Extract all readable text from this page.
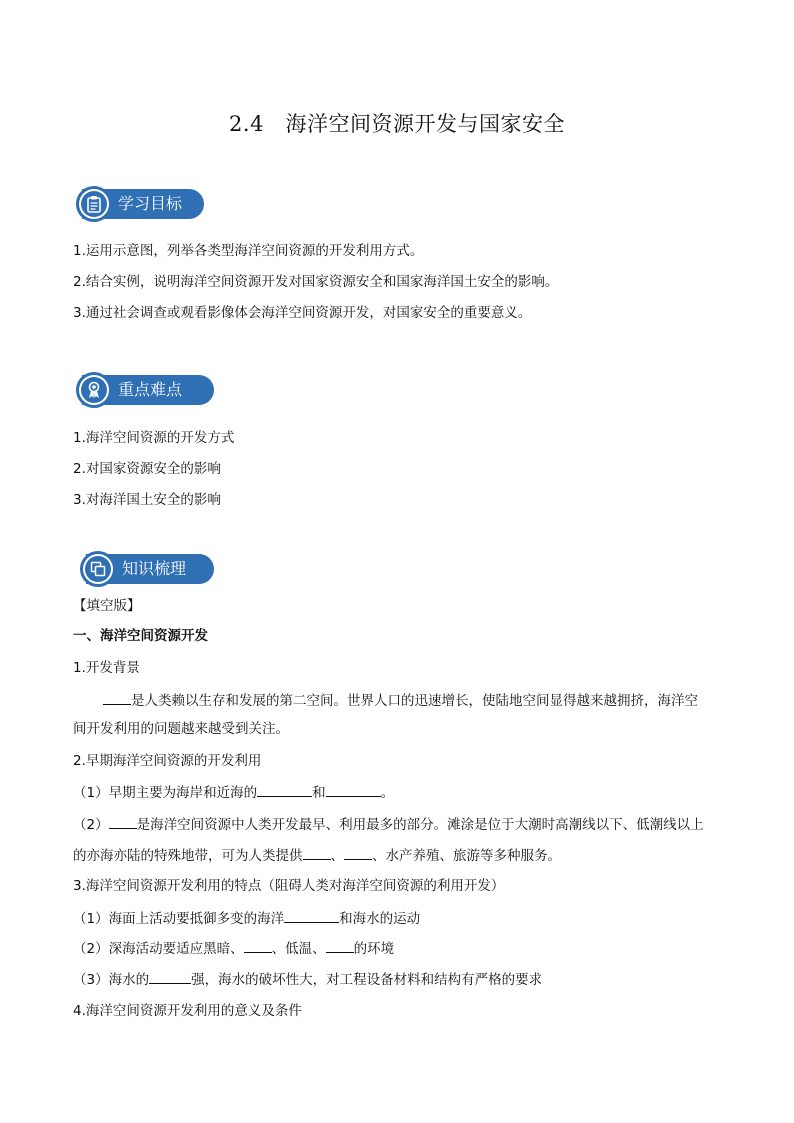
2.4　海洋空间资源开发与国家安全
学习目标
1.运用示意图，列举各类型海洋空间资源的开发利用方式。
2.结合实例，说明海洋空间资源开发对国家资源安全和国家海洋国土安全的影响。
3.通过社会调查或观看影像体会海洋空间资源开发，对国家安全的重要意义。
重点难点
1.海洋空间资源的开发方式
2.对国家资源安全的影响
3.对海洋国土安全的影响
知识梳理
【填空版】
一、海洋空间资源开发
1.开发背景
是人类赖以生存和发展的第二空间。世界人口的迅速增长，使陆地空间显得越来越拥挤，海洋空
间开发利用的问题越来越受到关注。
2.早期海洋空间资源的开发利用
（1）早期主要为海岸和近海的	和	。
（2） 是海洋空间资源中人类开发最早、利用最多的部分。滩涂是位于大潮时高潮线以下、低潮线以上
的亦海亦陆的特殊地带，可为人类提供 、 、水产养殖、旅游等多种服务。
3.海洋空间资源开发利用的特点（阻碍人类对海洋空间资源的利用开发）
（1）海面上活动要抵御多变的海洋	和海水的运动
（2）深海活动要适应黑暗、 、低温、 的环境
（3）海水的	强，海水的破坏性大，对工程设备材料和结构有严格的要求
4.海洋空间资源开发利用的意义及条件
